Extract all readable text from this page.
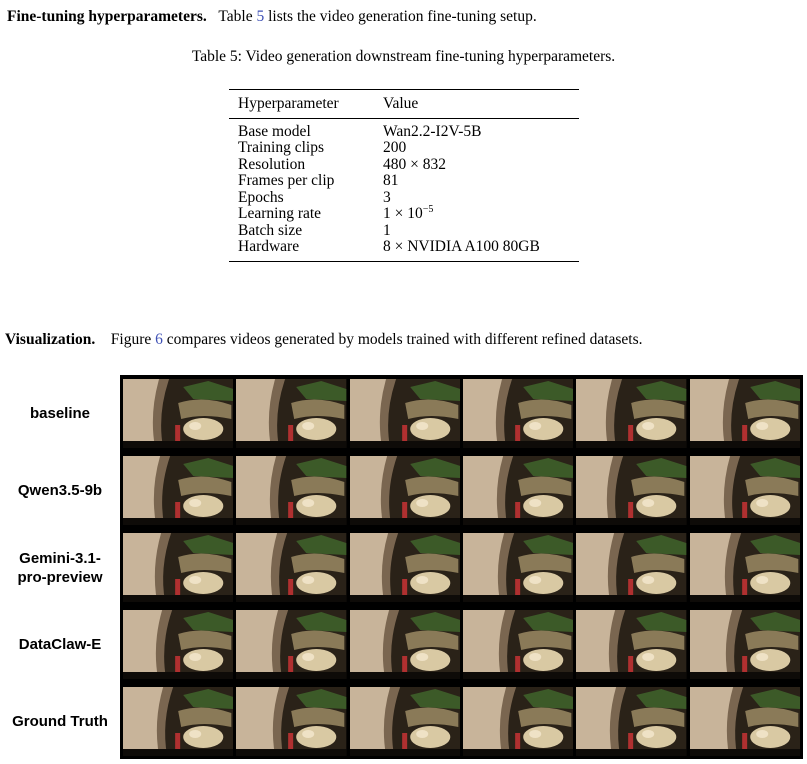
Fine-tuning hyperparameters. Table 5 lists the video generation fine-tuning setup.
Table 5: Video generation downstream fine-tuning hyperparameters.
Hyperparameter	Value
Base model	Wan2.2-I2V-5B
Training clips	200
Resolution	480 × 832
Frames per clip	81
Epochs	3
Learning rate	$1 \times 10^{-5}$
Batch size	1
Hardware	8 × NVIDIA A100 80GB
Visualization. Figure 6 compares videos generated by models trained with different refined datasets.
baseline
Qwen3.5-9b
Gemini-3.1-
pro-preview
DataClaw-E
Ground Truth
